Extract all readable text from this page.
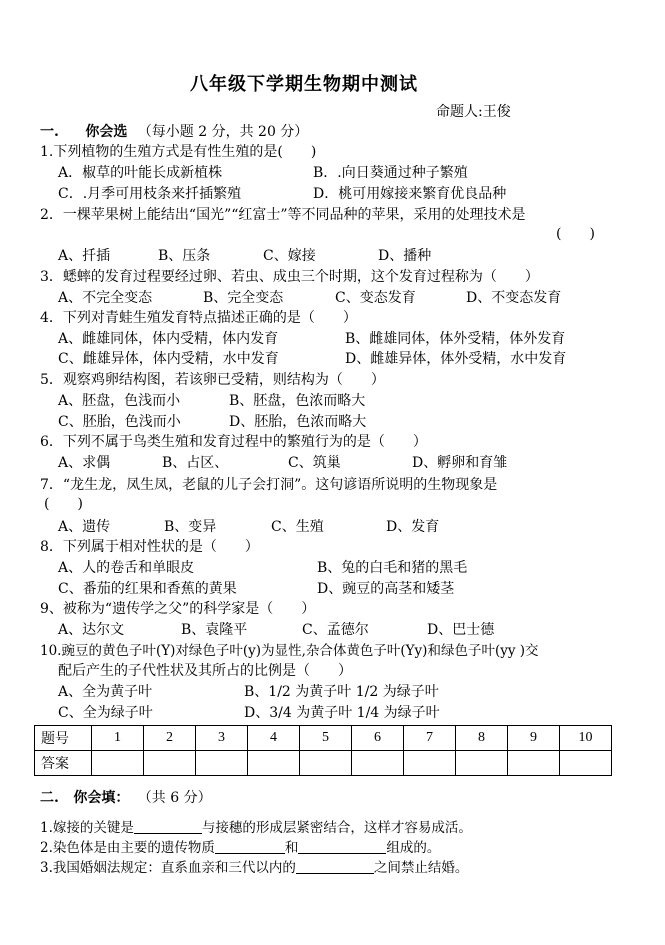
八年级下学期生物期中测试
命题人:王俊
一. 你会选 （每小题 2 分，共 20 分）
1.下列植物的生殖方式是有性生殖的是(　　)
A．椒草的叶能长成新植株	B．.向日葵通过种子繁殖
C．.月季可用枝条来扦插繁殖	D．桃可用嫁接来繁育优良品种
2．一棵苹果树上能结出“国光”“红富士”等不同品种的苹果，采用的处理技术是
(　　)
A、扦插	B、压条	C、嫁接	D、播种
3．蟋蟀的发育过程要经过卵、若虫、成虫三个时期，这个发育过程称为（　　）
A、不完全变态	B、完全变态	C、变态发育	D、不变态发育
4．下列对青蛙生殖发育特点描述正确的是（　　）
A、雌雄同体，体内受精，体内发育	B、雌雄同体，体外受精，体外发育
C、雌雄异体，体内受精，水中发育	D、雌雄异体，体外受精，水中发育
5．观察鸡卵结构图，若该卵已受精，则结构为（　　）
A、胚盘，色浅而小	B、胚盘，色浓而略大
C、胚胎，色浅而小	D、胚胎，色浓而略大
6．下列不属于鸟类生殖和发育过程中的繁殖行为的是（　　）
A、求偶	B、占区、	C、筑巢	D、孵卵和育雏
7．“龙生龙，凤生凤，老鼠的儿子会打洞”。这句谚语所说明的生物现象是
(　　)
A、遗传	B、变异	C、生殖	D、发育
8．下列属于相对性状的是（　　）
A、人的卷舌和单眼皮	B、兔的白毛和猪的黑毛
C、番茄的红果和香蕉的黄果	D、豌豆的高茎和矮茎
9、被称为“遗传学之父”的科学家是（　　）
A、达尔文	B、袁隆平	C、孟德尔	D、巴士德
10.豌豆的黄色子叶(Y)对绿色子叶(y)为显性,杂合体黄色子叶(Yy)和绿色子叶(yy )交
配后产生的子代性状及其所占的比例是（　　）
A、全为黄子叶	B、1/2 为黄子叶 1/2 为绿子叶
C、全为绿子叶	D、3/4 为黄子叶 1/4 为绿子叶
题号	1	2	3	4	5	6	7	8	9	10
答案										
二. 你会填： （共 6 分）
1.嫁接的关键是	与接穗的形成层紧密结合，这样才容易成活。
2.染色体是由主要的遗传物质	和	组成的。
3.我国婚姻法规定：直系血亲和三代以内的	之间禁止结婚。
